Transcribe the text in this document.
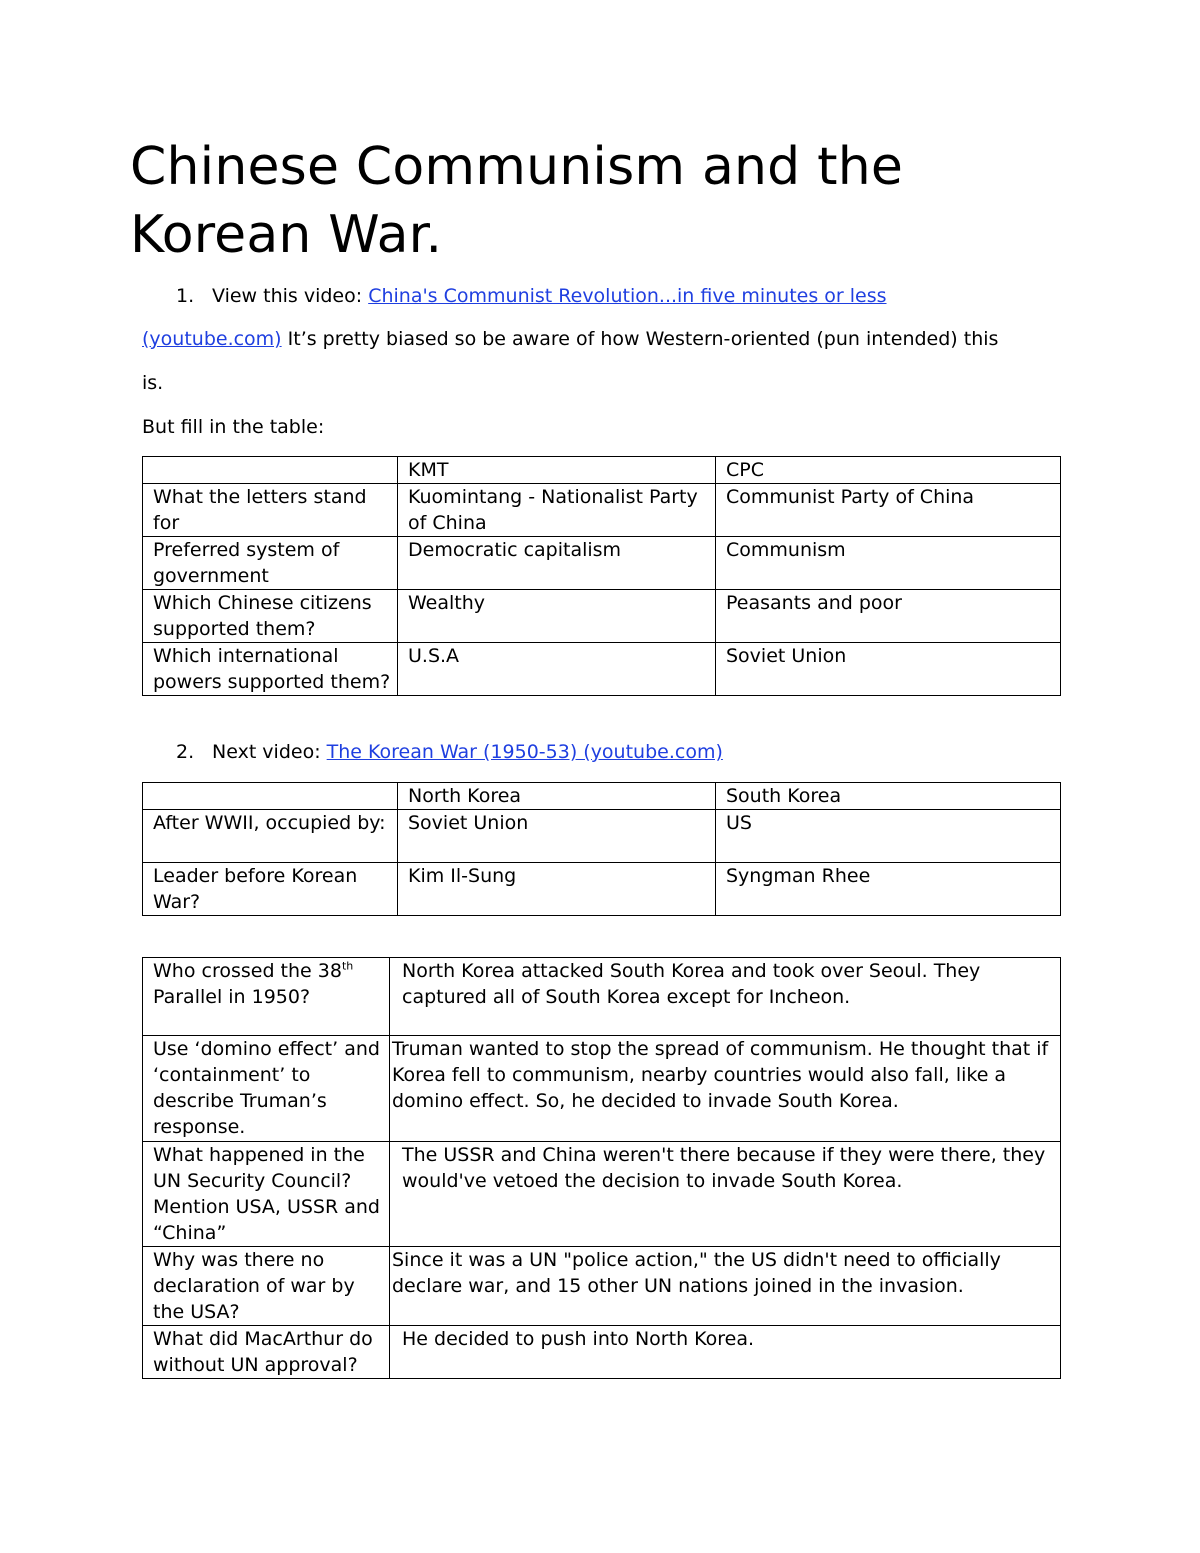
Chinese Communism and the Korean War.
1. View this video: China's Communist Revolution...in five minutes or less
(youtube.com) It’s pretty biased so be aware of how Western-oriented (pun intended) this
is.
But fill in the table:
	KMT	CPC
What the letters stand for	Kuomintang - Nationalist Party of China	Communist Party of China
Preferred system of government	Democratic capitalism	Communism
Which Chinese citizens supported them?	Wealthy	Peasants and poor
Which international powers supported them?	U.S.A	Soviet Union
2. Next video: The Korean War (1950-53) (youtube.com)
	North Korea	South Korea
After WWII, occupied by:	Soviet Union	US
Leader before Korean War?	Kim Il-Sung	Syngman Rhee
Who crossed the 38th Parallel in 1950?	North Korea attacked South Korea and took over Seoul. They captured all of South Korea except for Incheon.
Use ‘domino effect’ and ‘containment’ to describe Truman’s response.	Truman wanted to stop the spread of communism. He thought that if Korea fell to communism, nearby countries would also fall, like a domino effect. So, he decided to invade South Korea.
What happened in the UN Security Council? Mention USA, USSR and “China”	The USSR and China weren't there because if they were there, they would've vetoed the decision to invade South Korea.
Why was there no declaration of war by the USA?	Since it was a UN "police action," the US didn't need to officially declare war, and 15 other UN nations joined in the invasion.
What did MacArthur do without UN approval?	He decided to push into North Korea.
